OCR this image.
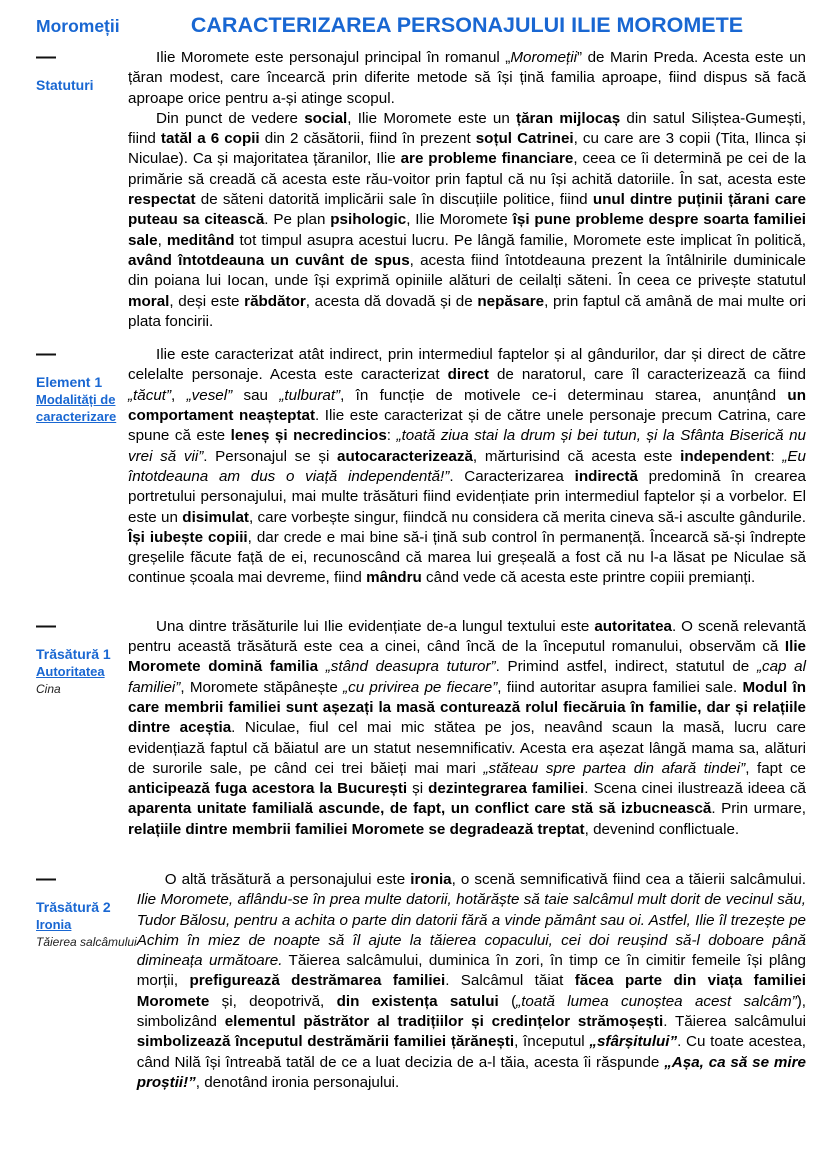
Moromeții	CARACTERIZAREA PERSONAJULUI ILIE MOROMETE
—
Statuturi

Ilie Moromete este personajul principal în romanul „Moromeții” de Marin Preda. Acesta este un țăran modest, care încearcă prin diferite metode să își țină familia aproape, fiind dispus să facă aproape orice pentru a-și atinge scopul.

Din punct de vedere social, Ilie Moromete este un țăran mijlocaș din satul Siliștea-Gumești, fiind tatăl a 6 copii din 2 căsătorii, fiind în prezent soțul Catrinei, cu care are 3 copii (Tita, Ilinca și Niculae). Ca și majoritatea țăranilor, Ilie are probleme financiare, ceea ce îi determină pe cei de la primărie să creadă că acesta este rău-voitor prin faptul că nu își achită datoriile. În sat, acesta este respectat de săteni datorită implicării sale în discuțiile politice, fiind unul dintre puținii țărani care puteau sa citească. Pe plan psihologic, Ilie Moromete își pune probleme despre soarta familiei sale, meditând tot timpul asupra acestui lucru. Pe lângă familie, Moromete este implicat în politică, având întotdeauna un cuvânt de spus, acesta fiind întotdeauna prezent la întâlnirile duminicale din poiana lui Iocan, unde își exprimă opiniile alături de ceilalți săteni. În ceea ce privește statutul moral, deși este răbdător, acesta dă dovadă și de nepăsare, prin faptul că amână de mai multe ori plata foncirii.

—
Element 1
Modalități de caracterizare

Ilie este caracterizat atât indirect, prin intermediul faptelor și al gândurilor, dar și direct de către celelalte personaje. Acesta este caracterizat direct de naratorul, care îl caracterizează ca fiind „tăcut”, „vesel” sau „tulburat”, în funcție de motivele ce-i determinau starea, anunțând un comportament neașteptat. Ilie este caracterizat și de către unele personaje precum Catrina, care spune că este leneș și necredincios: „toată ziua stai la drum și bei tutun, și la Sfânta Biserică nu vrei să vii”. Personajul se și autocaracterizează, mărturisind că acesta este independent: „Eu întotdeauna am dus o viață independentă!”. Caracterizarea indirectă predomină în crearea portretului personajului, mai multe trăsături fiind evidențiate prin intermediul faptelor și a vorbelor. El este un disimulat, care vorbește singur, fiindcă nu considera că merita cineva să-i asculte gândurile. Își iubește copiii, dar crede e mai bine să-i țină sub control în permanență. Încearcă să-și îndrepte greșelile făcute față de ei, recunoscând că marea lui greșeală a fost că nu l-a lăsat pe Niculae să continue școala mai devreme, fiind mândru când vede că acesta este printre copiii premianți.

—
Trăsătură 1
Autoritatea
Cina

Una dintre trăsăturile lui Ilie evidențiate de-a lungul textului este autoritatea. O scenă relevantă pentru această trăsătură este cea a cinei, când încă de la începutul romanului, observăm că Ilie Moromete domină familia „stând deasupra tuturor”. Primind astfel, indirect, statutul de „cap al familiei”, Moromete stăpânește „cu privirea pe fiecare”, fiind autoritar asupra familiei sale. Modul în care membrii familiei sunt așezați la masă conturează rolul fiecăruia în familie, dar și relațiile dintre aceștia. Niculae, fiul cel mai mic stătea pe jos, neavând scaun la masă, lucru care evidențiază faptul că băiatul are un statut nesemnificativ. Acesta era așezat lângă mama sa, alături de surorile sale, pe când cei trei băieți mai mari „stăteau spre partea din afară tindei”, fapt ce anticipează fuga acestora la București și dezintegrarea familiei. Scena cinei ilustrează ideea că aparenta unitate familială ascunde, de fapt, un conflict care stă să izbucnească. Prin urmare, relațiile dintre membrii familiei Moromete se degradează treptat, devenind conflictuale.

—
Trăsătură 2
Ironia
Tăierea salcâmului

O altă trăsătură a personajului este ironia, o scenă semnificativă fiind cea a tăierii salcâmului. Ilie Moromete, aflându-se în prea multe datorii, hotărăște să taie salcâmul mult dorit de vecinul său, Tudor Bălosu, pentru a achita o parte din datorii fără a vinde pământ sau oi. Astfel, Ilie îl trezește pe Achim în miez de noapte să îl ajute la tăierea copacului, cei doi reușind să-l doboare până dimineața următoare. Tăierea salcâmului, duminica în zori, în timp ce în cimitir femeile își plâng morții, prefigurează destrămarea familiei. Salcâmul tăiat făcea parte din viața familiei Moromete și, deopotrivă, din existența satului („toată lumea cunoștea acest salcâm”), simbolizând elementul păstrător al tradițiilor și credințelor strămoșești. Tăierea salcâmului simbolizează începutul destrămării familiei țărănești, începutul „sfârșitului”. Cu toate acestea, când Nilă își întreabă tatăl de ce a luat decizia de a-l tăia, acesta îi răspunde „Așa, ca să se mire proștii!”, denotând ironia personajului.
